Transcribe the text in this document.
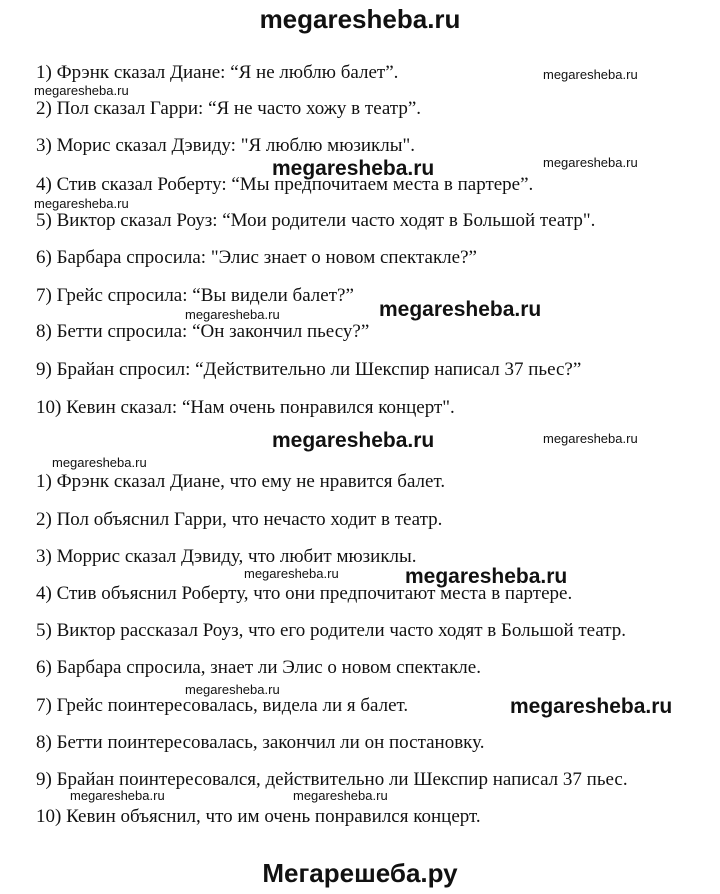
megaresheba.ru
1) Фрэнк сказал Диане: “Я не люблю балет”.
2) Пол сказал Гарри: “Я не часто хожу в театр”.
3) Морис сказал Дэвиду: "Я люблю мюзиклы".
4) Стив сказал Роберту: “Мы предпочитаем места в партере”.
5) Виктор сказал Роуз: “Мои родители часто ходят в Большой театр".
6) Барбара спросила: "Элис знает о новом спектакле?”
7) Грейс спросила: “Вы видели балет?”
8) Бетти спросила: “Он закончил пьесу?”
9) Брайан спросил: “Действительно ли Шекспир написал 37 пьес?”
10) Кевин сказал: “Нам очень понравился концерт".
1) Фрэнк сказал Диане, что ему не нравится балет.
2) Пол объяснил Гарри, что нечасто ходит в театр.
3) Моррис сказал Дэвиду, что любит мюзиклы.
4) Стив объяснил Роберту, что они предпочитают места в партере.
5) Виктор рассказал Роуз, что его родители часто ходят в Большой театр.
6) Барбара спросила, знает ли Элис о новом спектакле.
7) Грейс поинтересовалась, видела ли я балет.
8) Бетти поинтересовалась, закончил ли он постановку.
9) Брайан поинтересовался, действительно ли Шекспир написал 37 пьес.
10) Кевин объяснил, что им очень понравился концерт.
megaresheba.ru
megaresheba.ru
megaresheba.ru	megaresheba.ru
megaresheba.ru
megaresheba.ru
megaresheba.ru
megaresheba.ru	megaresheba.ru
megaresheba.ru
megaresheba.ru	megaresheba.ru
megaresheba.ru
megaresheba.ru
megaresheba.ru	megaresheba.ru
Мегарешеба.ру
